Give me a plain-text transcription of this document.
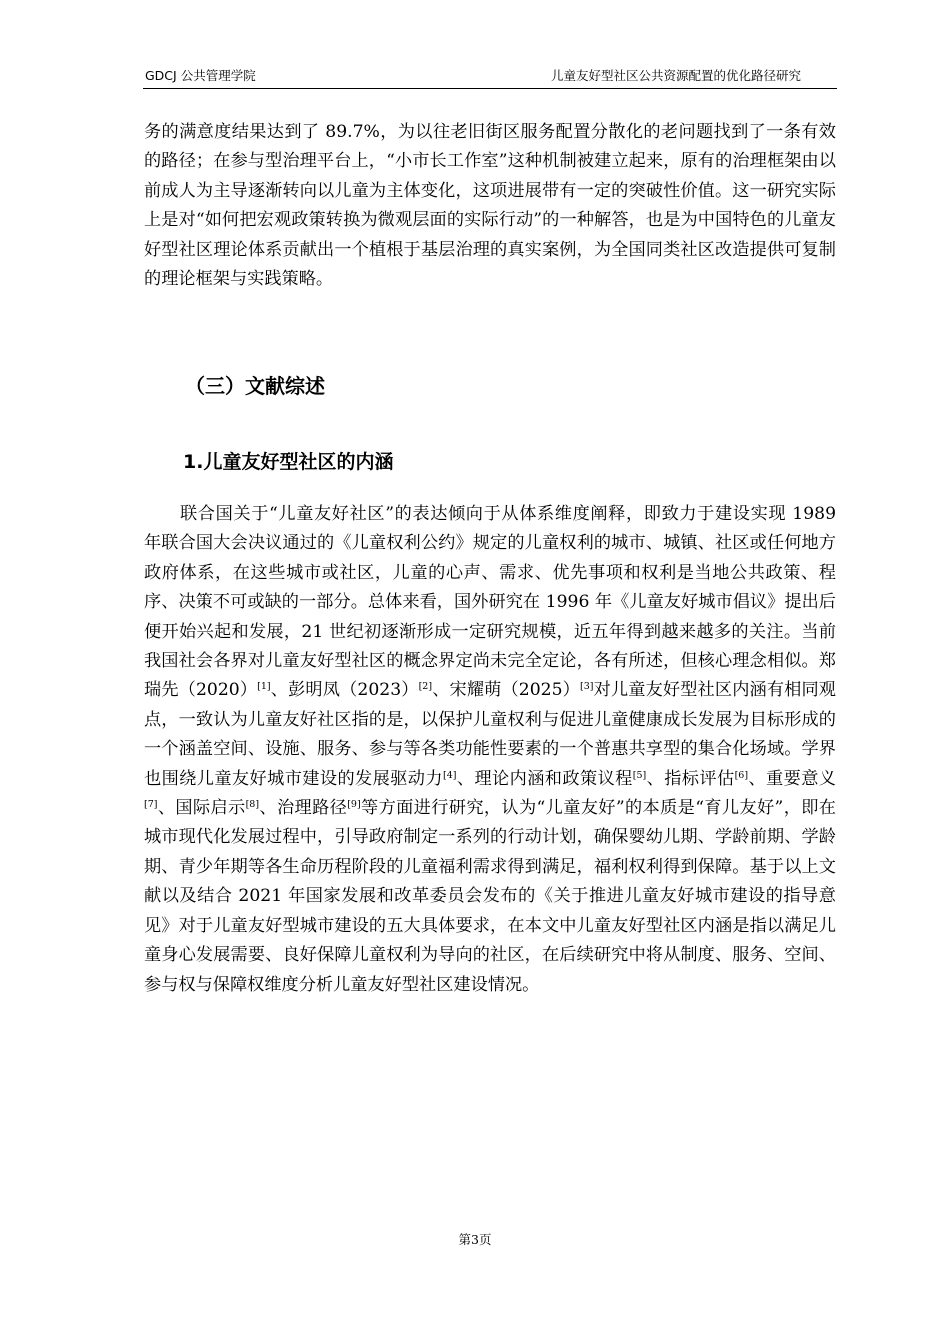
GDCJ 公共管理学院	儿童友好型社区公共资源配置的优化路径研究

务的满意度结果达到了 89.7%，为以往老旧街区服务配置分散化的老问题找到了一条有效的路径；在参与型治理平台上，“小市长工作室”这种机制被建立起来，原有的治理框架由以前成人为主导逐渐转向以儿童为主体变化，这项进展带有一定的突破性价值。这一研究实际上是对“如何把宏观政策转换为微观层面的实际行动”的一种解答，也是为中国特色的儿童友好型社区理论体系贡献出一个植根于基层治理的真实案例，为全国同类社区改造提供可复制的理论框架与实践策略。

（三）文献综述
1.儿童友好型社区的内涵

联合国关于“儿童友好社区”的表达倾向于从体系维度阐释，即致力于建设实现 1989 年联合国大会决议通过的《儿童权利公约》规定的儿童权利的城市、城镇、社区或任何地方政府体系，在这些城市或社区，儿童的心声、需求、优先事项和权利是当地公共政策、程序、决策不可或缺的一部分。总体来看，国外研究在 1996 年《儿童友好城市倡议》提出后便开始兴起和发展，21 世纪初逐渐形成一定研究规模，近五年得到越来越多的关注。当前我国社会各界对儿童友好型社区的概念界定尚未完全定论，各有所述，但核心理念相似。郑瑞先（2020）[1]、彭明凤（2023）[2]、宋耀萌（2025）[3]对儿童友好型社区内涵有相同观点，一致认为儿童友好社区指的是，以保护儿童权利与促进儿童健康成长发展为目标形成的一个涵盖空间、设施、服务、参与等各类功能性要素的一个普惠共享型的集合化场域。学界也围绕儿童友好城市建设的发展驱动力[4]、理论内涵和政策议程[5]、指标评估[6]、重要意义[7]、国际启示[8]、治理路径[9]等方面进行研究，认为“儿童友好”的本质是“育儿友好”，即在城市现代化发展过程中，引导政府制定一系列的行动计划，确保婴幼儿期、学龄前期、学龄期、青少年期等各生命历程阶段的儿童福利需求得到满足，福利权利得到保障。基于以上文献以及结合 2021 年国家发展和改革委员会发布的《关于推进儿童友好城市建设的指导意见》对于儿童友好型城市建设的五大具体要求，在本文中儿童友好型社区内涵是指以满足儿童身心发展需要、良好保障儿童权利为导向的社区，在后续研究中将从制度、服务、空间、参与权与保障权维度分析儿童友好型社区建设情况。

第3页
